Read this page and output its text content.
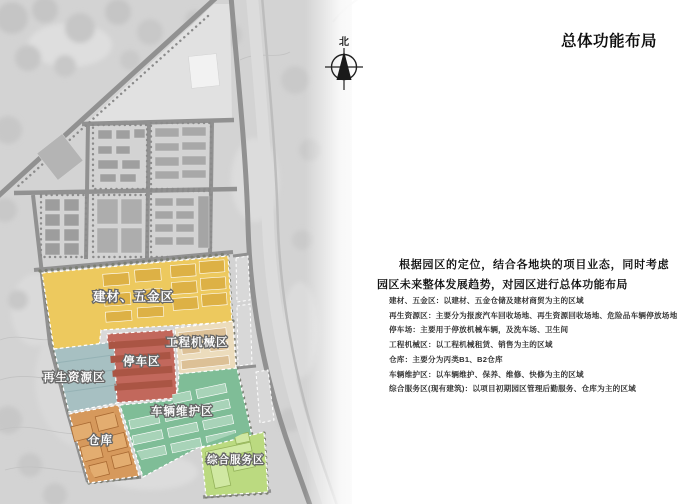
建材、五金区
工程机械区
停车区
再生资源区
仓库
车辆维护区
综合服务区
北	总体功能布局
根据园区的定位，结合各地块的项目业态，同时考虑园区未来整体发展趋势，对园区进行总体功能布局
建材、五金区：以建材、五金仓储及建材商贸为主的区域
再生资源区：主要分为报废汽车回收场地、再生资源回收场地、危险品车辆停放场地
停车场：主要用于停放机械车辆，及洗车场、卫生间
工程机械区：以工程机械租赁、销售为主的区域
仓库：主要分为丙类B1、B2仓库
车辆维护区：以车辆维护、保养、维修、快修为主的区域
综合服务区(现有建筑)：以项目初期园区管理后勤服务、仓库为主的区域
